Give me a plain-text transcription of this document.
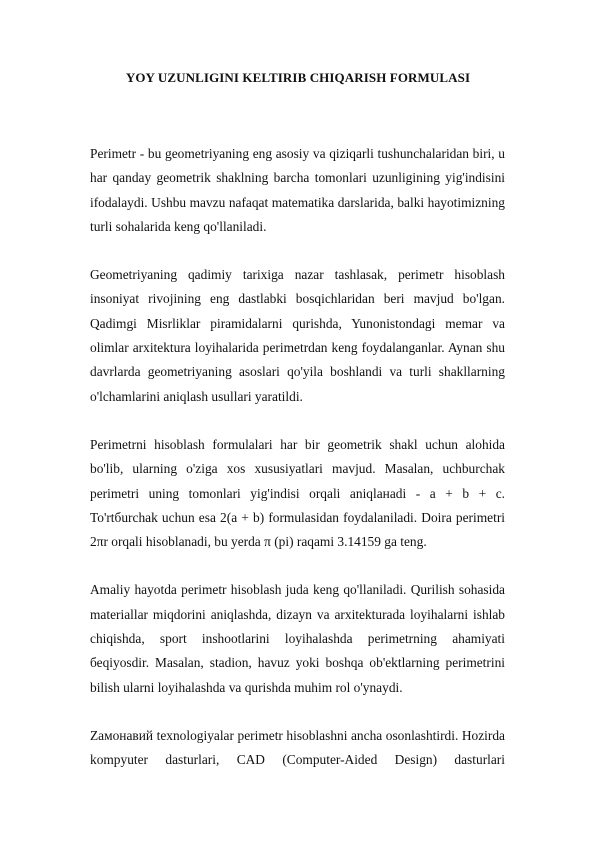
YOY UZUNLIGINI KELTIRIB CHIQARISH FORMULASI

Perimetr - bu geometriyaning eng asosiy va qiziqarli tushunchalaridan biri, u har qanday geometrik shaklning barcha tomonlari uzunligining yig'indisini ifodalaydi. Ushbu mavzu nafaqat matematika darslarida, balki hayotimizning turli sohalarida keng qo'llaniladi.

Geometriyaning qadimiy tarixiga nazar tashlasak, perimetr hisoblash insoniyat rivojining eng dastlabki bosqichlaridan beri mavjud bo'lgan. Qadimgi Misrliklar piramidalarni qurishda, Yunonistondagi memar va olimlar arxitektura loyihalarida perimetrdan keng foydalanganlar. Aynan shu davrlarda geometriyaning asoslari qo'yila boshlandi va turli shakllarning o'lchamlarini aniqlash usullari yaratildi.

Perimetrni hisoblash formulalari har bir geometrik shakl uchun alohida bo'lib, ularning o'ziga xos xususiyatlari mavjud. Masalan, uchburchak perimetri uning tomonlari yig'indisi orqali aniqlaнadi - a + b + c. To'rtбurchak uchun esa 2(a + b) formulasidan foydalaniladi. Doira perimetri 2πr orqali hisoblanadi, bu yerda π (pi) raqami 3.14159 ga teng.

Amaliy hayotda perimetr hisoblash juda keng qo'llaniladi. Qurilish sohasida materiallar miqdorini aniqlashda, dizayn va arxitekturada loyihalarni ishlab chiqishda, sport inshootlarini loyihalashda perimetrning ahamiyati беqiyosdir. Masalan, stadion, havuz yoki boshqa ob'ektlarning perimetrini bilish ularni loyihalashda va qurishda muhim rol o'ynaydi.

Zамонавий texnologiyalar perimetr hisoblashni ancha osonlashtirdi. Hozirda kompyuter dasturlari, CAD (Computer-Aided Design) dasturlari
